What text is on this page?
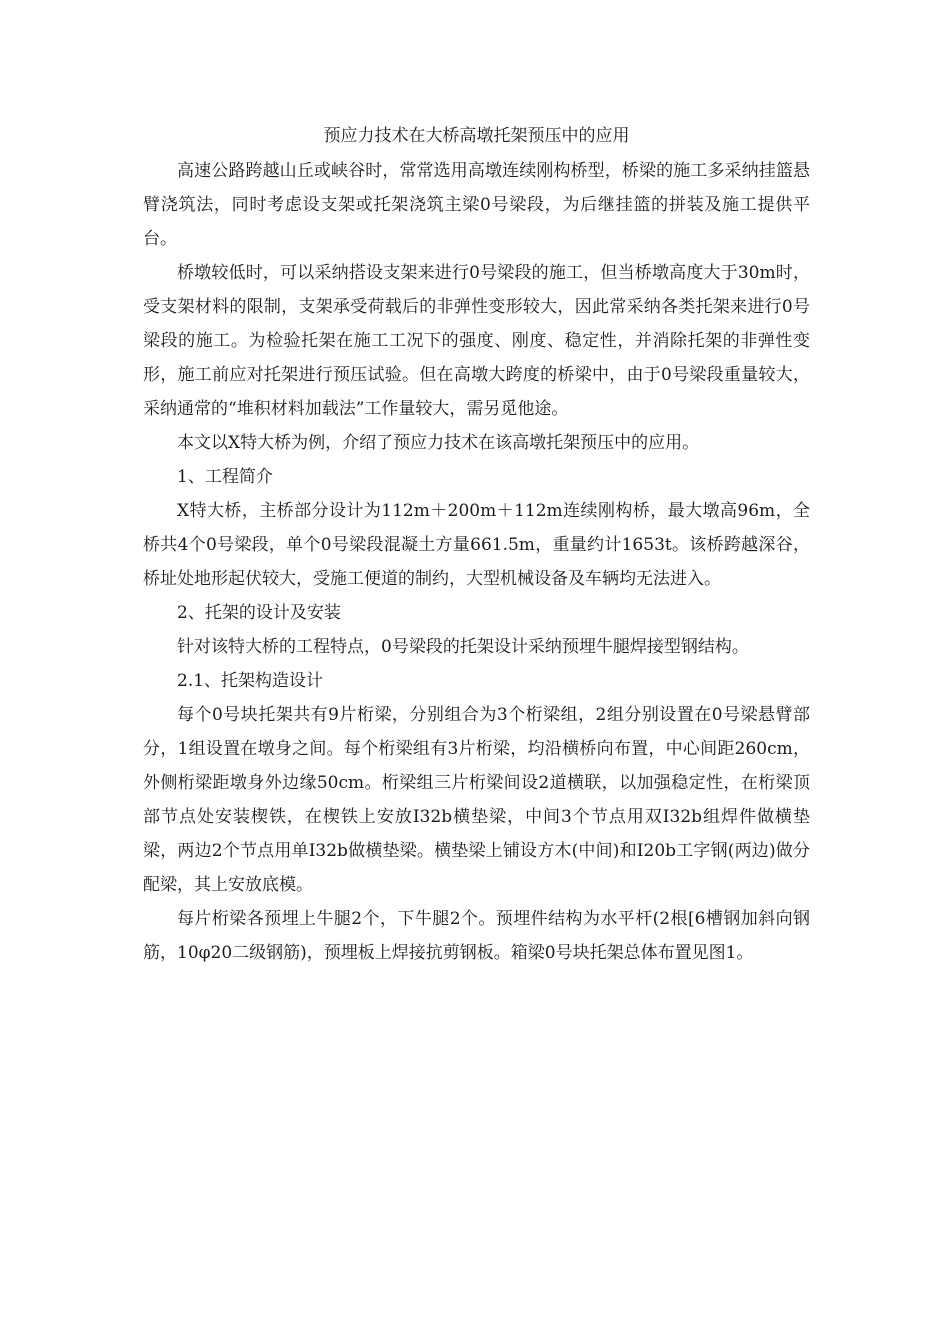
预应力技术在大桥高墩托架预压中的应用

高速公路跨越山丘或峡谷时，常常选用高墩连续刚构桥型，桥梁的施工多采纳挂篮悬臂浇筑法，同时考虑设支架或托架浇筑主梁0号梁段，为后继挂篮的拼装及施工提供平台。

桥墩较低时，可以采纳搭设支架来进行0号梁段的施工，但当桥墩高度大于30m时，受支架材料的限制，支架承受荷载后的非弹性变形较大，因此常采纳各类托架来进行0号梁段的施工。为检验托架在施工工况下的强度、刚度、稳定性，并消除托架的非弹性变形，施工前应对托架进行预压试验。但在高墩大跨度的桥梁中，由于0号梁段重量较大，采纳通常的“堆积材料加载法”工作量较大，需另觅他途。

本文以X特大桥为例，介绍了预应力技术在该高墩托架预压中的应用。

1、工程简介

X特大桥，主桥部分设计为112m＋200m＋112m连续刚构桥，最大墩高96m，全桥共4个0号梁段，单个0号梁段混凝土方量661.5m，重量约计1653t。该桥跨越深谷，桥址处地形起伏较大，受施工便道的制约，大型机械设备及车辆均无法进入。

2、托架的设计及安装

针对该特大桥的工程特点，0号梁段的托架设计采纳预埋牛腿焊接型钢结构。

2.1、托架构造设计

每个0号块托架共有9片桁梁，分别组合为3个桁梁组，2组分别设置在0号梁悬臂部分，1组设置在墩身之间。每个桁梁组有3片桁梁，均沿横桥向布置，中心间距260cm，外侧桁梁距墩身外边缘50cm。桁梁组三片桁梁间设2道横联，以加强稳定性，在桁梁顶部节点处安装楔铁，在楔铁上安放I32b横垫梁，中间3个节点用双I32b组焊件做横垫梁，两边2个节点用单I32b做横垫梁。横垫梁上铺设方木(中间)和I20b工字钢(两边)做分配梁，其上安放底模。

每片桁梁各预埋上牛腿2个，下牛腿2个。预埋件结构为水平杆(2根[6槽钢加斜向钢筋，10φ20二级钢筋)，预埋板上焊接抗剪钢板。箱梁0号块托架总体布置见图1。
